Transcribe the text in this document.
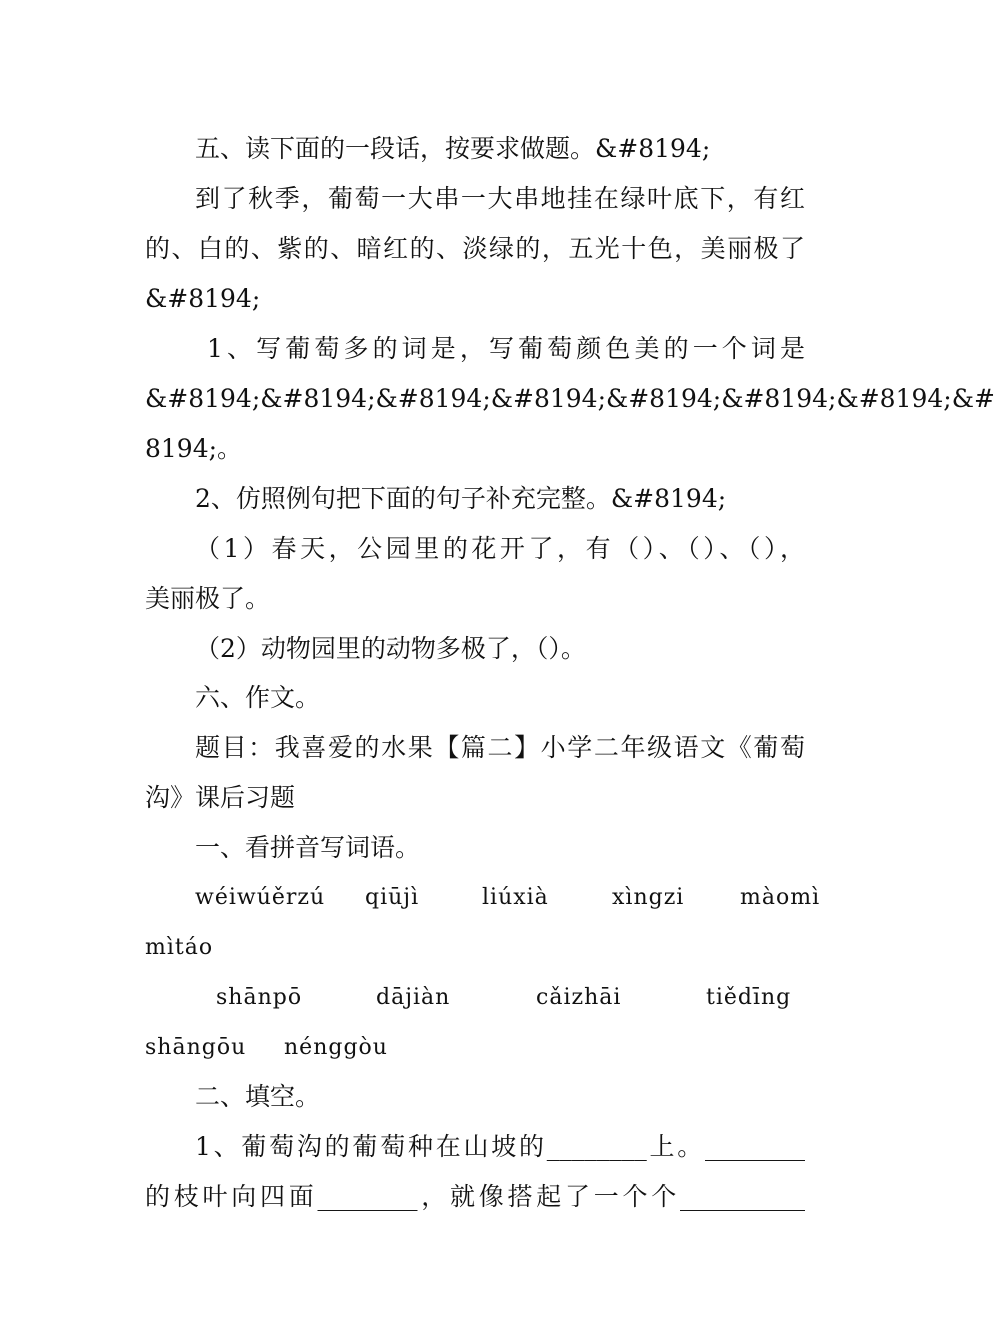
五、读下面的一段话，按要求做题。&#8194;
到了秋季，葡萄一大串一大串地挂在绿叶底下，有红
的、白的、紫的、暗红的、淡绿的，五光十色，美丽极了
&#8194;
1、写葡萄多的词是，写葡萄颜色美的一个词是
&#8194;&#8194;&#8194;&#8194;&#8194;&#8194;&#8194;&#
8194;。
2、仿照例句把下面的句子补充完整。&#8194;
（1）春天，公园里的花开了，有（）、（）、（），
美丽极了。
（2）动物园里的动物多极了，（）。
六、作文。
题目：我喜爱的水果【篇二】小学二年级语文《葡萄
沟》课后习题
一、看拼音写词语。
wéiwúěrzú qiūjì	liúxià	xìngzi	màomì
mìtáo
shānpō	dājiàn	cǎizhāi	tiědīng
shāngōu nénggòu
二、填空。
1、葡萄沟的葡萄种在山坡的________上。________
的枝叶向四面________，就像搭起了一个个__________
